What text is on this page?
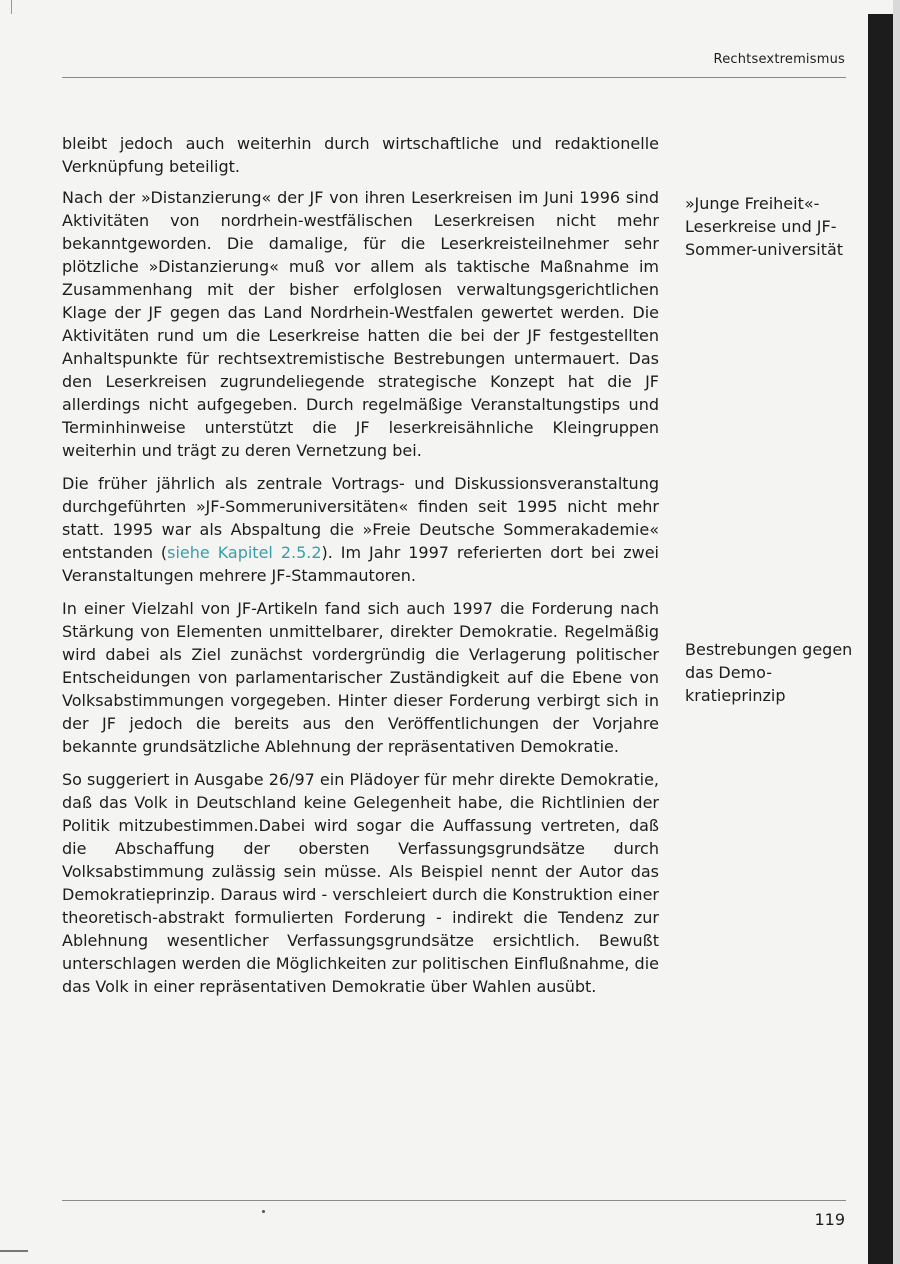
Rechtsextremismus

bleibt jedoch auch weiterhin durch wirtschaftliche und redaktionelle Verknüpfung beteiligt.

Nach der »Distanzierung« der JF von ihren Leserkreisen im Juni 1996 sind Aktivitäten von nordrhein-westfälischen Leserkreisen nicht mehr bekanntgeworden. Die damalige, für die Leserkreisteilnehmer sehr plötzliche »Distanzierung« muß vor allem als taktische Maßnahme im Zusammenhang mit der bisher erfolglosen verwaltungsgerichtlichen Klage der JF gegen das Land Nordrhein-Westfalen gewertet werden. Die Aktivitäten rund um die Leserkreise hatten die bei der JF festgestellten Anhaltspunkte für rechtsextremistische Bestrebungen untermauert. Das den Leserkreisen zugrundeliegende strategische Konzept hat die JF allerdings nicht aufgegeben. Durch regelmäßige Veranstaltungstips und Terminhinweise unterstützt die JF leserkreisähnliche Kleingruppen weiterhin und trägt zu deren Vernetzung bei.

Die früher jährlich als zentrale Vortrags- und Diskussionsveranstaltung durchgeführten »JF-Sommeruniversitäten« finden seit 1995 nicht mehr statt. 1995 war als Abspaltung die »Freie Deutsche Sommerakademie« entstanden (siehe Kapitel 2.5.2). Im Jahr 1997 referierten dort bei zwei Veranstaltungen mehrere JF-Stammautoren.

In einer Vielzahl von JF-Artikeln fand sich auch 1997 die Forderung nach Stärkung von Elementen unmittelbarer, direkter Demokratie. Regelmäßig wird dabei als Ziel zunächst vordergründig die Verlagerung politischer Entscheidungen von parlamentarischer Zuständigkeit auf die Ebene von Volksabstimmungen vorgegeben. Hinter dieser Forderung verbirgt sich in der JF jedoch die bereits aus den Veröffentlichungen der Vorjahre bekannte grundsätzliche Ablehnung der repräsentativen Demokratie.

So suggeriert in Ausgabe 26/97 ein Plädoyer für mehr direkte Demokratie, daß das Volk in Deutschland keine Gelegenheit habe, die Richtlinien der Politik mitzubestimmen.Dabei wird sogar die Auffassung vertreten, daß die Abschaffung der obersten Verfassungsgrundsätze durch Volksabstimmung zulässig sein müsse. Als Beispiel nennt der Autor das Demokratieprinzip. Daraus wird - verschleiert durch die Konstruktion einer theoretisch-abstrakt formulierten Forderung - indirekt die Tendenz zur Ablehnung wesentlicher Verfassungsgrundsätze ersichtlich. Bewußt unterschlagen werden die Möglichkeiten zur politischen Einflußnahme, die das Volk in einer repräsentativen Demokratie über Wahlen ausübt.

»Junge Freiheit«-Leserkreise und JF-Sommer-universität

Bestrebungen gegen das Demo-kratieprinzip

119
